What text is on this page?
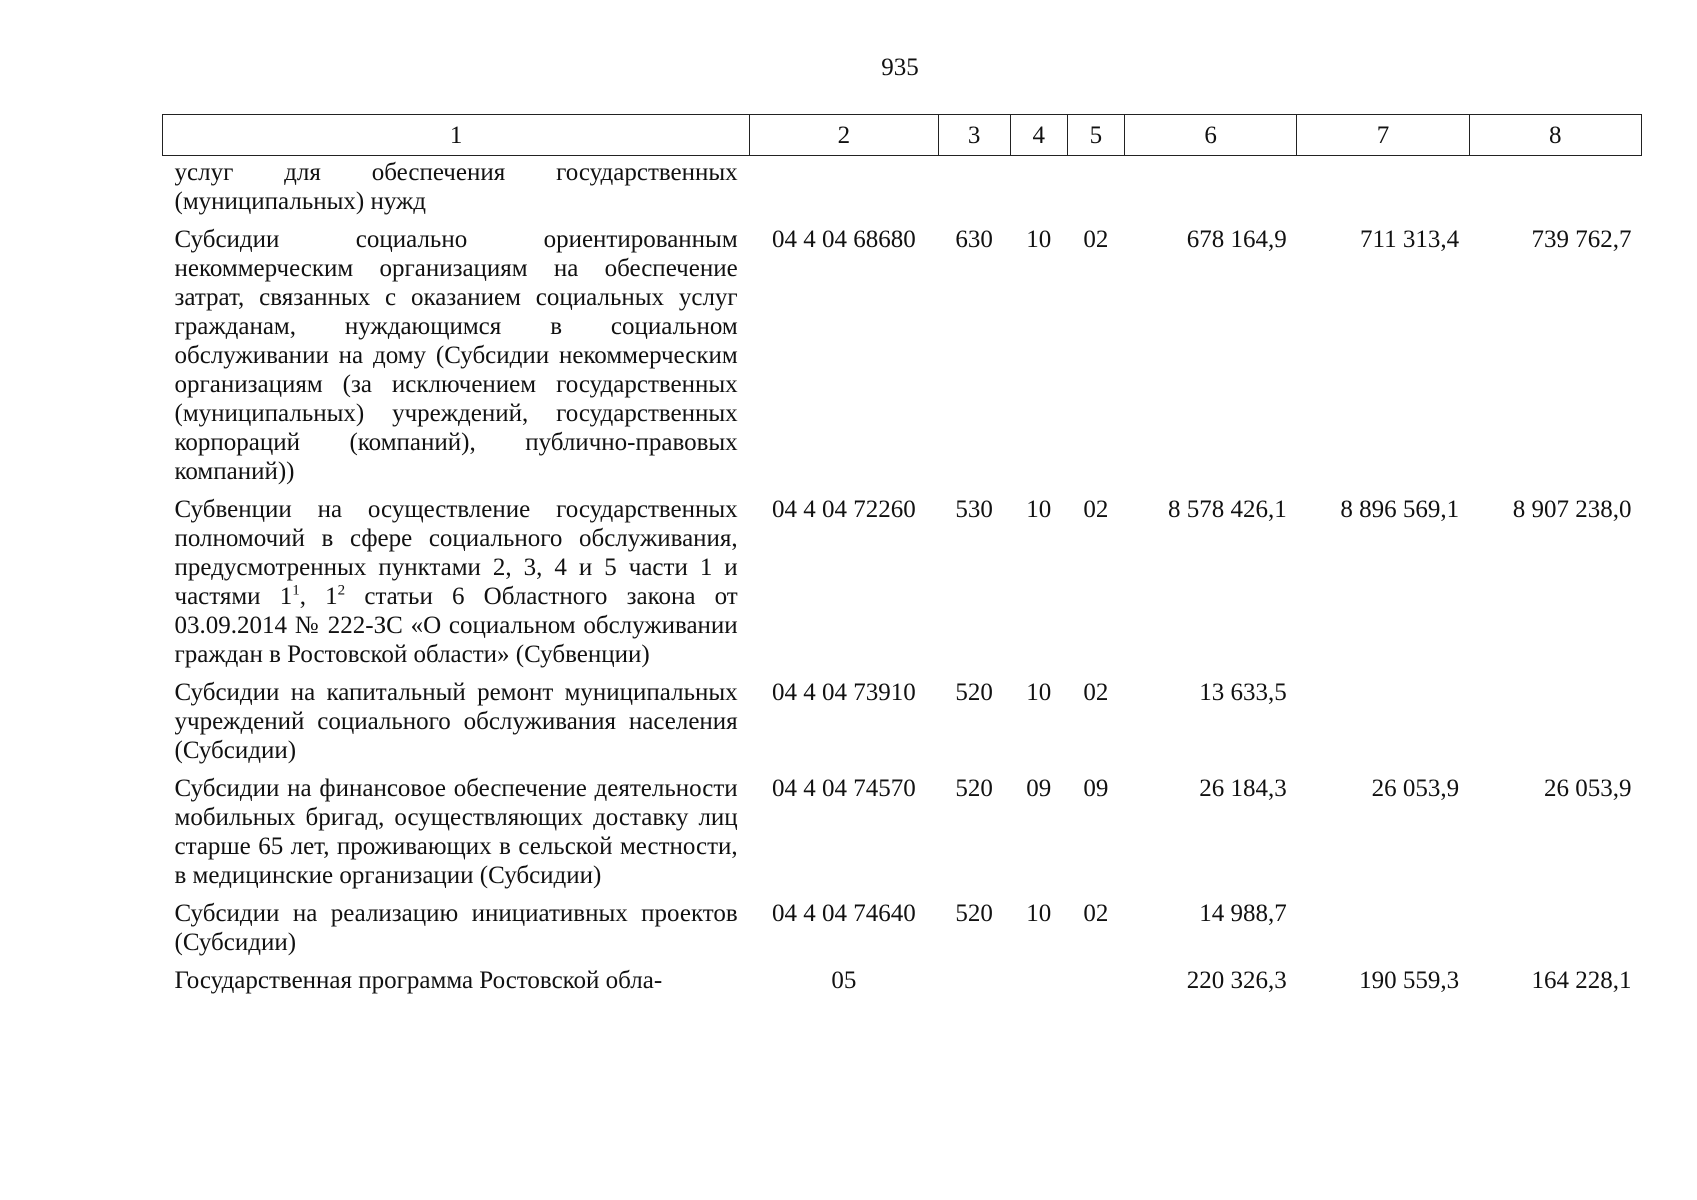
935
1	2	3	4	5	6	7	8
услуг для обеспечения государственных (муниципальных) нужд							
Субсидии социально ориентированным некоммерческим организациям на обеспечение затрат, связанных с оказанием социальных услуг гражданам, нуждающимся в социальном обслуживании на дому (Субсидии некоммерческим организациям (за исключением государственных (муниципальных) учреждений, государственных корпораций (компаний), публично-правовых компаний))	04 4 04 68680	630	10	02	678 164,9	711 313,4	739 762,7
Субвенции на осуществление государственных полномочий в сфере социального обслуживания, предусмотренных пунктами 2, 3, 4 и 5 части 1 и частями $1^1$, $1^2$ статьи 6 Областного закона от 03.09.2014 № 222-ЗС «О социальном обслуживании граждан в Ростовской области» (Субвенции)	04 4 04 72260	530	10	02	8 578 426,1	8 896 569,1	8 907 238,0
Субсидии на капитальный ремонт муниципальных учреждений социального обслуживания населения (Субсидии)	04 4 04 73910	520	10	02	13 633,5		
Субсидии на финансовое обеспечение деятельности мобильных бригад, осуществляющих доставку лиц старше 65 лет, проживающих в сельской местности, в медицинские организации (Субсидии)	04 4 04 74570	520	09	09	26 184,3	26 053,9	26 053,9
Субсидии на реализацию инициативных проектов (Субсидии)	04 4 04 74640	520	10	02	14 988,7		
Государственная программа Ростовской обла-	05				220 326,3	190 559,3	164 228,1
